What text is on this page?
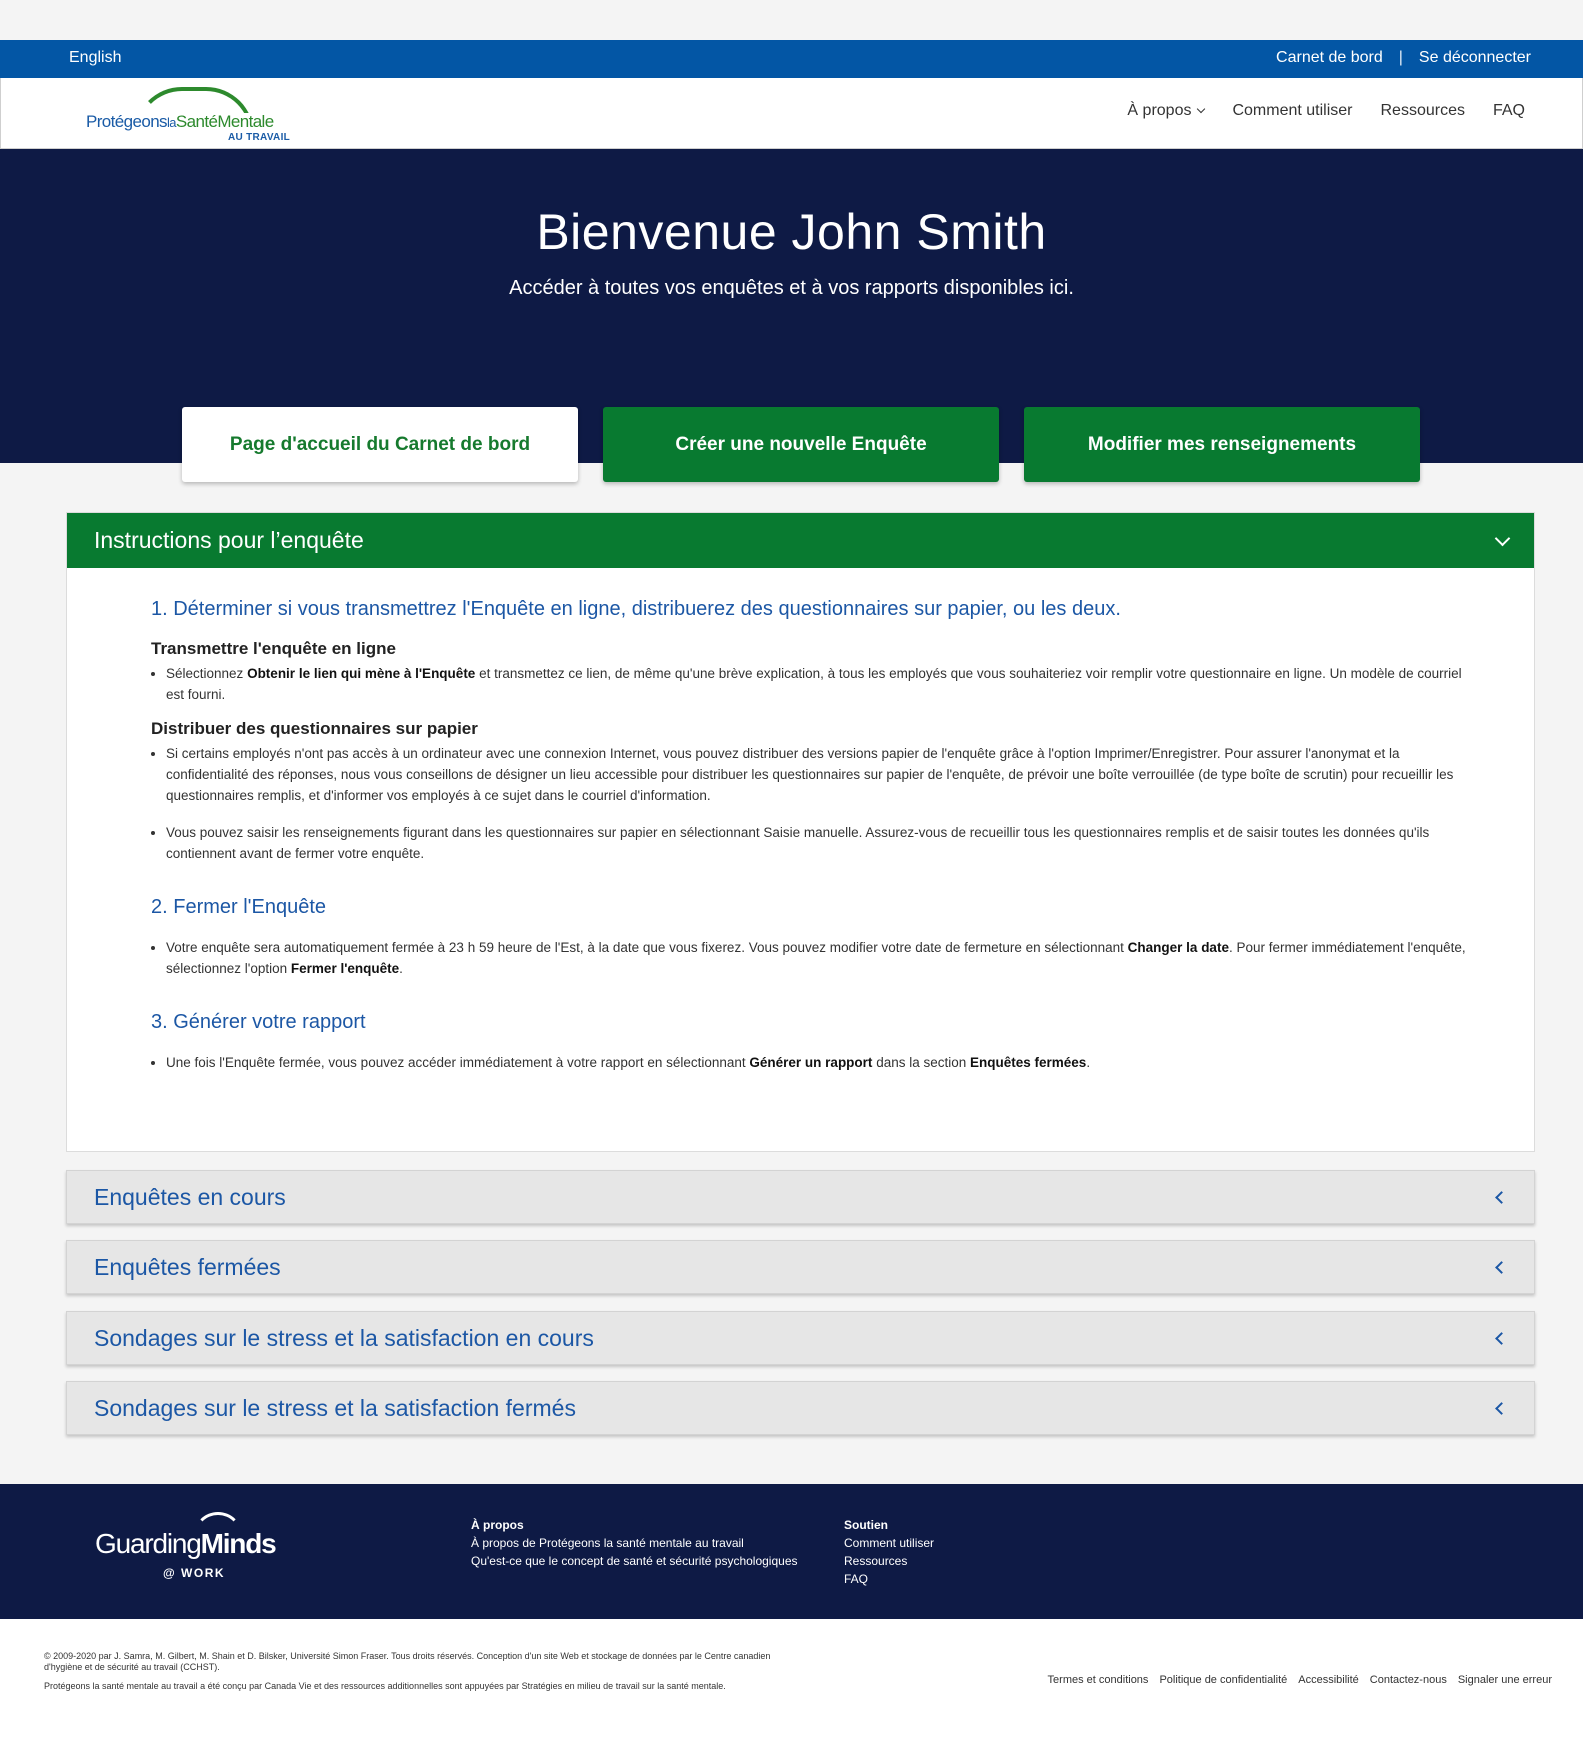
English	Carnet de bord | Se déconnecter
ProtégeonslaSantéMentale
AU TRAVAIL
À propos	Comment utiliser Ressources FAQ
Bienvenue John Smith

Accéder à toutes vos enquêtes et à vos rapports disponibles ici.

Page d'accueil du Carnet de bord	Créer une nouvelle Enquête	Modifier mes renseignements
Instructions pour l’enquête
1. Déterminer si vous transmettrez l'Enquête en ligne, distribuerez des questionnaires sur papier, ou les deux.
Transmettre l'enquête en ligne
• Sélectionnez Obtenir le lien qui mène à l'Enquête et transmettez ce lien, de même qu'une brève explication, à tous les employés que vous souhaiteriez voir remplir votre questionnaire en ligne. Un modèle de courriel est fourni.
Distribuer des questionnaires sur papier
• Si certains employés n'ont pas accès à un ordinateur avec une connexion Internet, vous pouvez distribuer des versions papier de l'enquête grâce à l'option Imprimer/Enregistrer. Pour assurer l'anonymat et la confidentialité des réponses, nous vous conseillons de désigner un lieu accessible pour distribuer les questionnaires sur papier de l'enquête, de prévoir une boîte verrouillée (de type boîte de scrutin) pour recueillir les questionnaires remplis, et d'informer vos employés à ce sujet dans le courriel d'information.
• Vous pouvez saisir les renseignements figurant dans les questionnaires sur papier en sélectionnant Saisie manuelle. Assurez-vous de recueillir tous les questionnaires remplis et de saisir toutes les données qu'ils contiennent avant de fermer votre enquête.
2. Fermer l'Enquête
• Votre enquête sera automatiquement fermée à 23 h 59 heure de l'Est, à la date que vous fixerez. Vous pouvez modifier votre date de fermeture en sélectionnant Changer la date. Pour fermer immédiatement l'enquête, sélectionnez l'option Fermer l'enquête.
3. Générer votre rapport
• Une fois l'Enquête fermée, vous pouvez accéder immédiatement à votre rapport en sélectionnant Générer un rapport dans la section Enquêtes fermées.
Enquêtes en cours
Enquêtes fermées
Sondages sur le stress et la satisfaction en cours
Sondages sur le stress et la satisfaction fermés
GuardingMinds
@ WORK
À propos
À propos de Protégeons la santé mentale au travail
Qu'est-ce que le concept de santé et sécurité psychologiques
Soutien
Comment utiliser
Ressources
FAQ

© 2009-2020 par J. Samra, M. Gilbert, M. Shain et D. Bilsker, Université Simon Fraser. Tous droits réservés. Conception d'un site Web et stockage de données par le Centre canadien d'hygiène et de sécurité au travail (CCHST).

Protégeons la santé mentale au travail a été conçu par Canada Vie et des ressources additionnelles sont appuyées par Stratégies en milieu de travail sur la santé mentale.	Termes et conditions Politique de confidentialité Accessibilité Contactez-nous Signaler une erreur
